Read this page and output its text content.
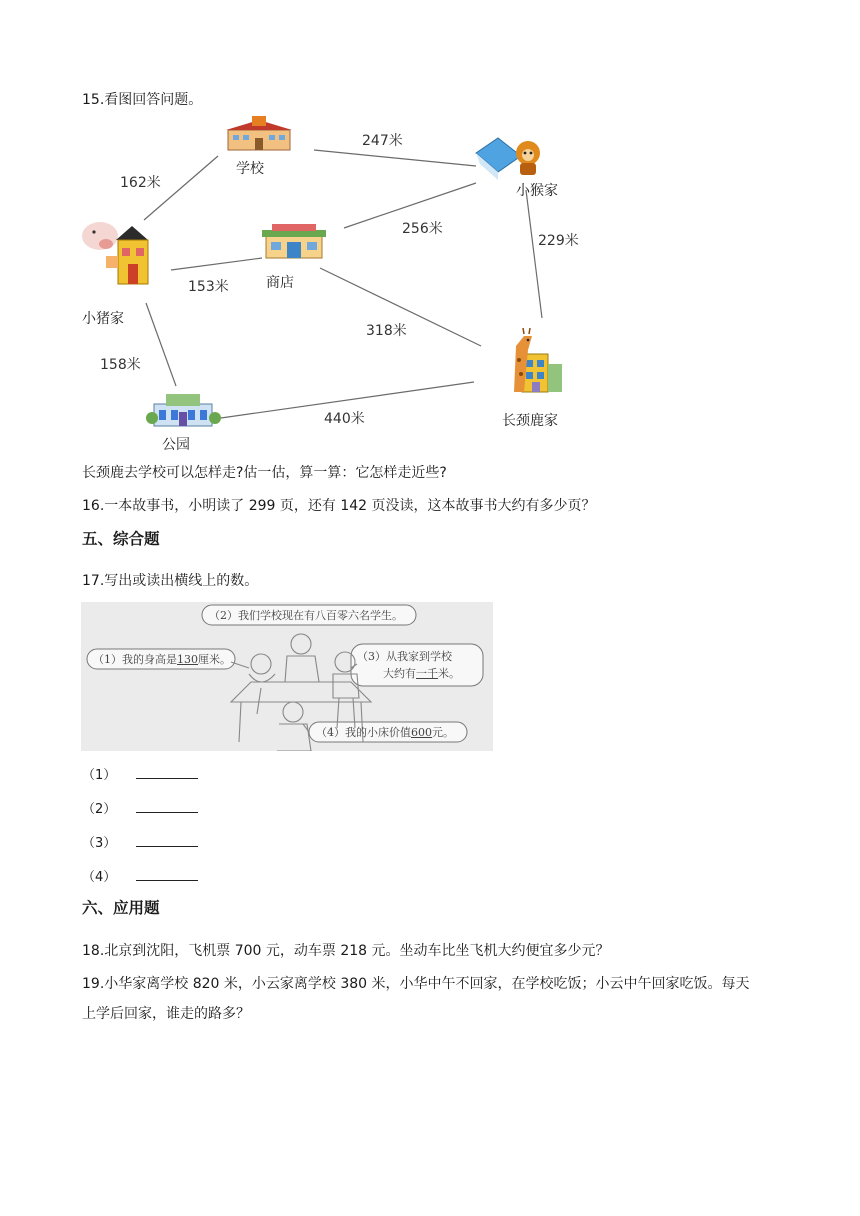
15.看图回答问题。
学校
小猴家
小猪家
商店
公园
长颈鹿家
162米
247米
256米
229米
153米
318米
158米
440米
长颈鹿去学校可以怎样走?估一估，算一算：它怎样走近些?
16.一本故事书，小明读了 299 页，还有 142 页没读，这本故事书大约有多少页？
五、综合题
17.写出或读出横线上的数。
（2）我们学校现在有八百零六名学生。
（1）我的身高是130厘米。	（3）从我家到学校
大约有一千米。
（4）我的小床价值600元。
（1）
（2）
（3）
（4）
六、应用题
18.北京到沈阳，飞机票 700 元，动车票 218 元。坐动车比坐飞机大约便宜多少元？
19.小华家离学校 820 米，小云家离学校 380 米，小华中午不回家，在学校吃饭；小云中午回家吃饭。每天
上学后回家，谁走的路多？
